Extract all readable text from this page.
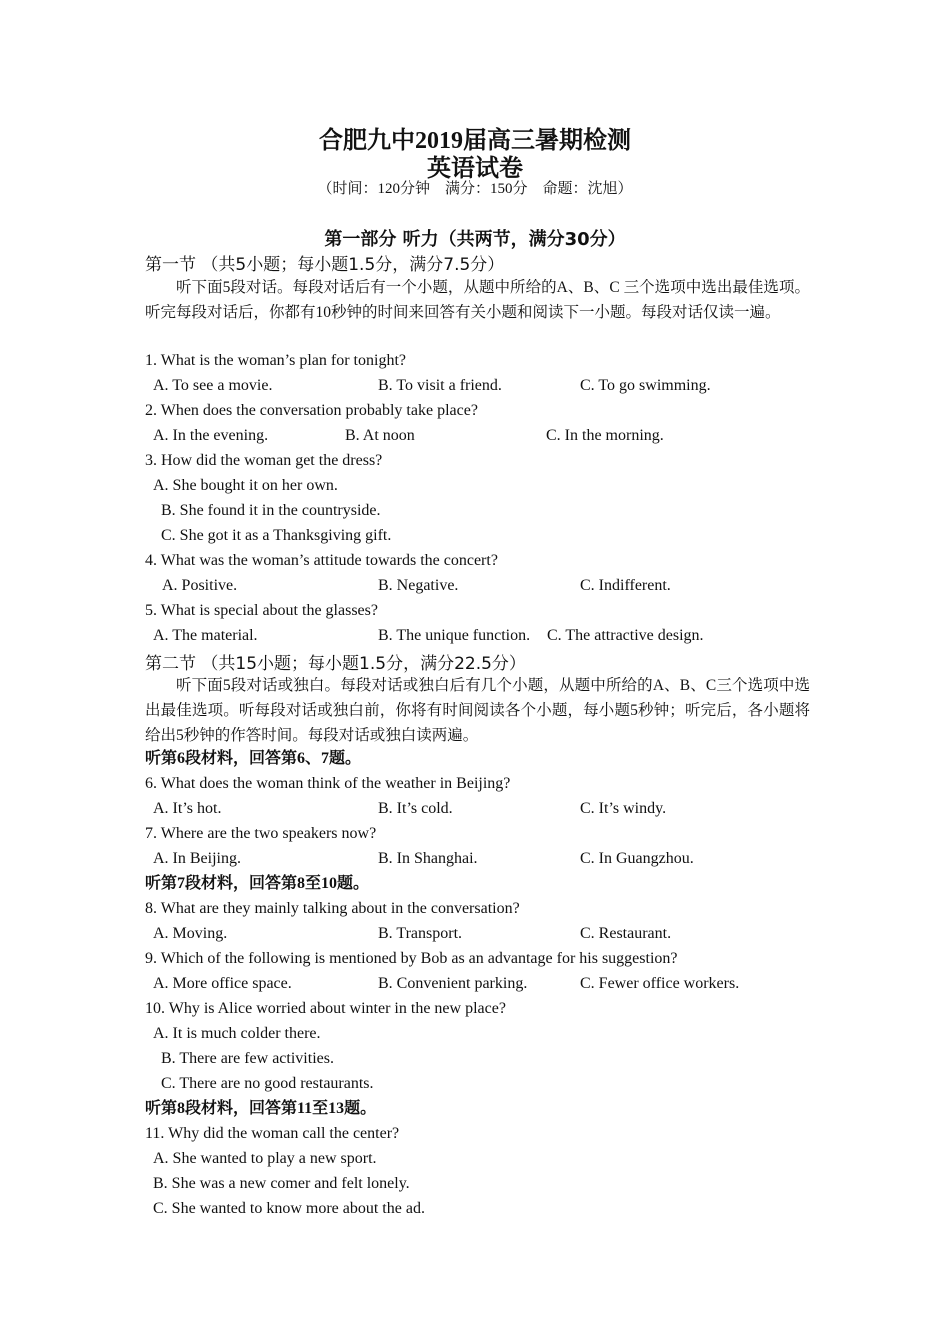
合肥九中2019届高三暑期检测
英语试卷
（时间：120分钟　满分：150分　命题：沈旭）
第一部分 听力（共两节，满分30分）
第一节 （共5小题；每小题1.5分，满分7.5分）
听下面5段对话。每段对话后有一个小题，从题中所给的A、B、C 三个选项中选出最佳选项。听完每段对话后，你都有10秒钟的时间来回答有关小题和阅读下一小题。每段对话仅读一遍。
1. What is the woman’s plan for tonight?
A. To see a movie.	B. To visit a friend.	C. To go swimming.
2. When does the conversation probably take place?
A. In the evening.	B. At noon	C. In the morning.
3. How did the woman get the dress?
A. She bought it on her own.
B. She found it in the countryside.
C. She got it as a Thanksgiving gift.
4. What was the woman’s attitude towards the concert?
A. Positive.	B. Negative.	C. Indifferent.
5. What is special about the glasses?
A. The material.	B. The unique function. C. The attractive design.
第二节 （共15小题；每小题1.5分，满分22.5分）
听下面5段对话或独白。每段对话或独白后有几个小题，从题中所给的A、B、C三个选项中选出最佳选项。听每段对话或独白前，你将有时间阅读各个小题，每小题5秒钟；听完后，各小题将给出5秒钟的作答时间。每段对话或独白读两遍。
听第6段材料，回答第6、7题。
6. What does the woman think of the weather in Beijing?
A. It’s hot.	B. It’s cold.	C. It’s windy.
7. Where are the two speakers now?
A. In Beijing.	B. In Shanghai.	C. In Guangzhou.
听第7段材料，回答第8至10题。
8. What are they mainly talking about in the conversation?
A. Moving.	B. Transport.	C. Restaurant.
9. Which of the following is mentioned by Bob as an advantage for his suggestion?
A. More office space.	B. Convenient parking.	C. Fewer office workers.
10. Why is Alice worried about winter in the new place?
A. It is much colder there.
B. There are few activities.
C. There are no good restaurants.
听第8段材料，回答第11至13题。
11. Why did the woman call the center?
A. She wanted to play a new sport.
B. She was a new comer and felt lonely.
C. She wanted to know more about the ad.
